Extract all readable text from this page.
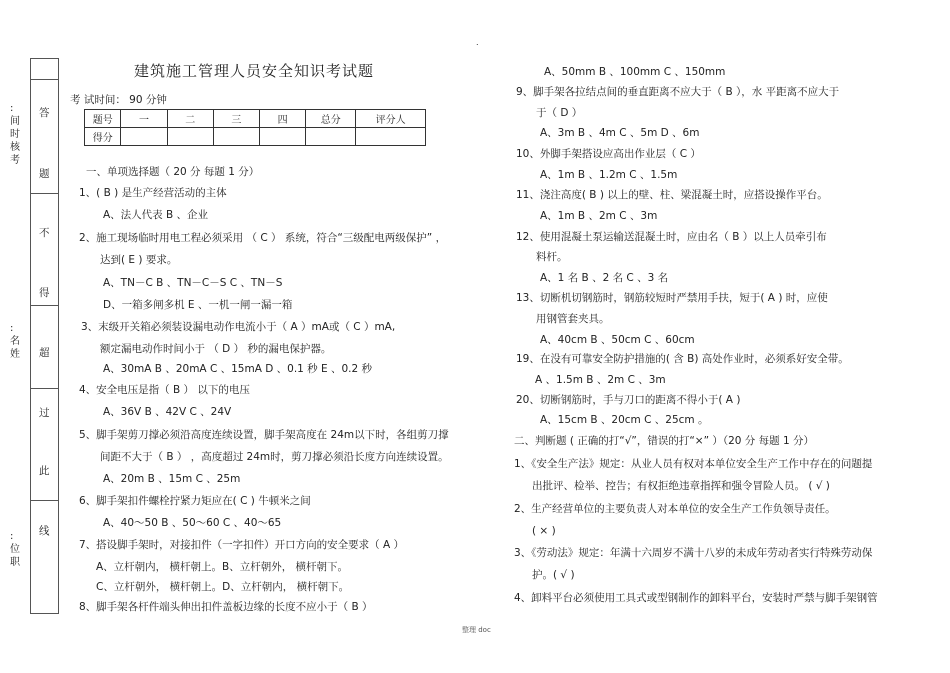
:间时核考
:名姓
:位职
答
题
不
得
超
过
此
线
建筑施工管理人员安全知识考试题
考 试时间： 90 分钟
.
题号	一	二	三	四	总分	评分人
得分						
一、单项选择题（ 20 分 每题 1 分）
1、( B ) 是生产经营活动的主体
A、法人代表 B 、企业
2、施工现场临时用电工程必须采用 （ C ） 系统，符合“三级配电两级保护” ，
达到( E ) 要求。
A、TN－C B 、TN－C－S C 、TN－S
D、一箱多闸多机 E 、一机一闸一漏一箱
3、末级开关箱必须装设漏电动作电流小于（ A ）mA或（ C ）mA,
额定漏电动作时间小于 （ D ） 秒的漏电保护器。
A、30mA B 、20mA C 、15mA D 、0.1 秒 E 、0.2 秒
4、安全电压是指（ B ） 以下的电压
A、36V B 、42V C 、24V
5、脚手架剪刀撑必须沿高度连续设置，脚手架高度在 24m以下时，各组剪刀撑
间距不大于（ B ） ，高度超过 24m时，剪刀撑必须沿长度方向连续设置。
A、20m B 、15m C 、25m
6、脚手架扣件螺栓拧紧力矩应在( C ) 牛顿米之间
A、40～50 B 、50～60 C 、40～65
7、搭设脚手架时，对接扣件（一字扣件）开口方向的安全要求（ A ）
A、立杆朝内， 横杆朝上。B、立杆朝外， 横杆朝下。
C、立杆朝外， 横杆朝上。D、立杆朝内， 横杆朝下。
8、脚手架各杆件端头伸出扣件盖板边缘的长度不应小于（ B ）
A、50mm B 、100mm C 、150mm
9、脚手架各拉结点间的垂直距离不应大于（ B ），水 平距离不应大于
于（ D ）
A、3m B 、4m C 、5m D 、6m
10、外脚手架搭设应高出作业层（ C ）
A、1m B 、1.2m C 、1.5m
11、浇注高度( B ) 以上的壁、柱、梁混凝土时，应搭设操作平台。
A、1m B 、2m C 、3m
12、使用混凝土泵运输送混凝土时，应由名（ B ）以上人员牵引布
料杆。
A、1 名 B 、2 名 C 、3 名
13、切断机切钢筋时，钢筋较短时严禁用手扶，短于( A ) 时，应使
用钢管套夹具。
A、40cm B 、50cm C 、60cm
19、在没有可靠安全防护措施的( 含 B) 高处作业时，必须系好安全带。
A 、1.5m B 、2m C 、3m
20、切断钢筋时，手与刀口的距离不得小于( A )
A、15cm B 、20cm C 、25cm 。
二、判断题 ( 正确的打“√”，错误的打“×” ）（20 分 每题 1 分）
1、《安全生产法》规定：从业人员有权对本单位安全生产工作中存在的问题提
出批评、检举、控告；有权拒绝违章指挥和强令冒险人员。 ( √ )
2、生产经营单位的主要负责人对本单位的安全生产工作负领导责任。
( × )
3、《劳动法》规定：年满十六周岁不满十八岁的未成年劳动者实行特殊劳动保
护。( √ )
4、卸料平台必须使用工具式或型钢制作的卸料平台，安装时严禁与脚手架钢管
整理 doc
